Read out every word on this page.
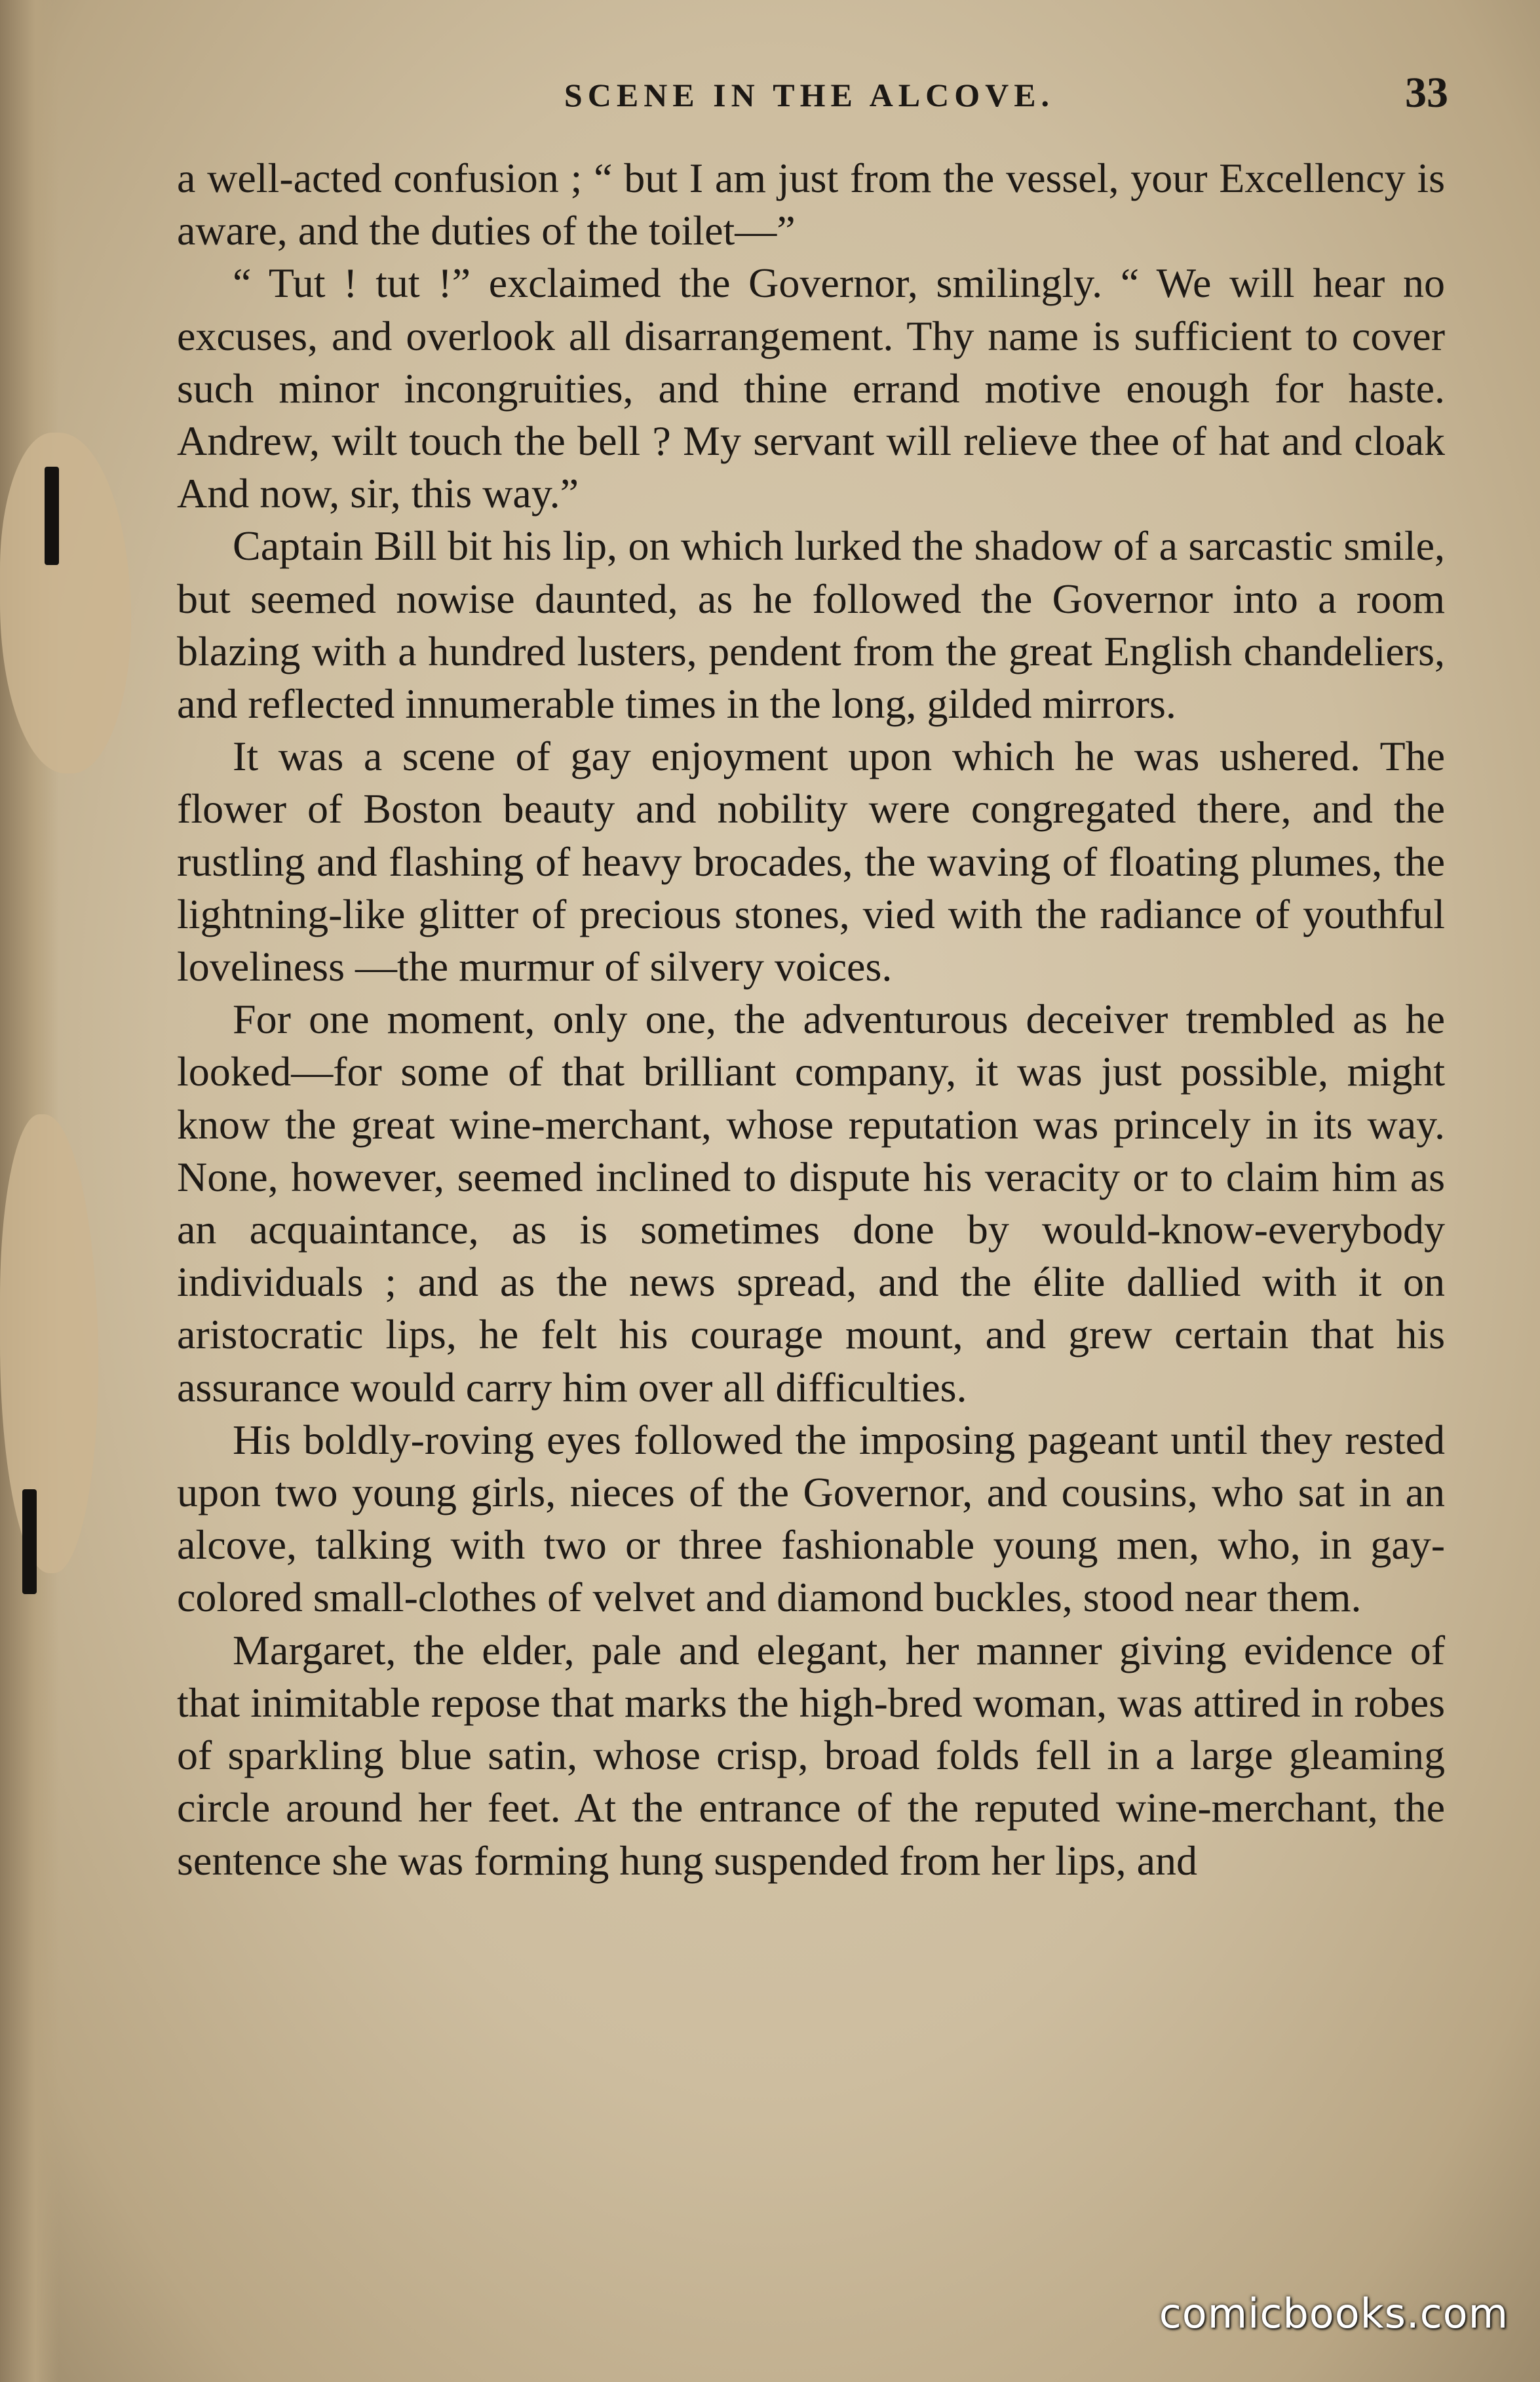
SCENE IN THE ALCOVE.	33

a well-acted confusion ; “ but I am just from the vessel, your Excellency is aware, and the duties of the toilet—”

“ Tut ! tut !” exclaimed the Governor, smilingly. “ We will hear no excuses, and overlook all disarrangement. Thy name is sufficient to cover such minor incongruities, and thine errand motive enough for haste. Andrew, wilt touch the bell ? My servant will relieve thee of hat and cloak And now, sir, this way.”

Captain Bill bit his lip, on which lurked the shadow of a sarcastic smile, but seemed nowise daunted, as he followed the Governor into a room blazing with a hundred lusters, pendent from the great English chandeliers, and reflected innumerable times in the long, gilded mirrors.

It was a scene of gay enjoyment upon which he was ushered. The flower of Boston beauty and nobility were congregated there, and the rustling and flashing of heavy brocades, the waving of floating plumes, the lightning-like glitter of precious stones, vied with the radiance of youthful loveliness —the murmur of silvery voices.

For one moment, only one, the adventurous deceiver trembled as he looked—for some of that brilliant company, it was just possible, might know the great wine-merchant, whose reputation was princely in its way. None, however, seemed inclined to dispute his veracity or to claim him as an acquaintance, as is sometimes done by would-know-everybody individuals ; and as the news spread, and the élite dallied with it on aristocratic lips, he felt his courage mount, and grew certain that his assurance would carry him over all difficulties.

His boldly-roving eyes followed the imposing pageant until they rested upon two young girls, nieces of the Governor, and cousins, who sat in an alcove, talking with two or three fashionable young men, who, in gay-colored small-clothes of velvet and diamond buckles, stood near them.

Margaret, the elder, pale and elegant, her manner giving evidence of that inimitable repose that marks the high-bred woman, was attired in robes of sparkling blue satin, whose crisp, broad folds fell in a large gleaming circle around her feet. At the entrance of the reputed wine-merchant, the sentence she was forming hung suspended from her lips, and

comicbooks.com
